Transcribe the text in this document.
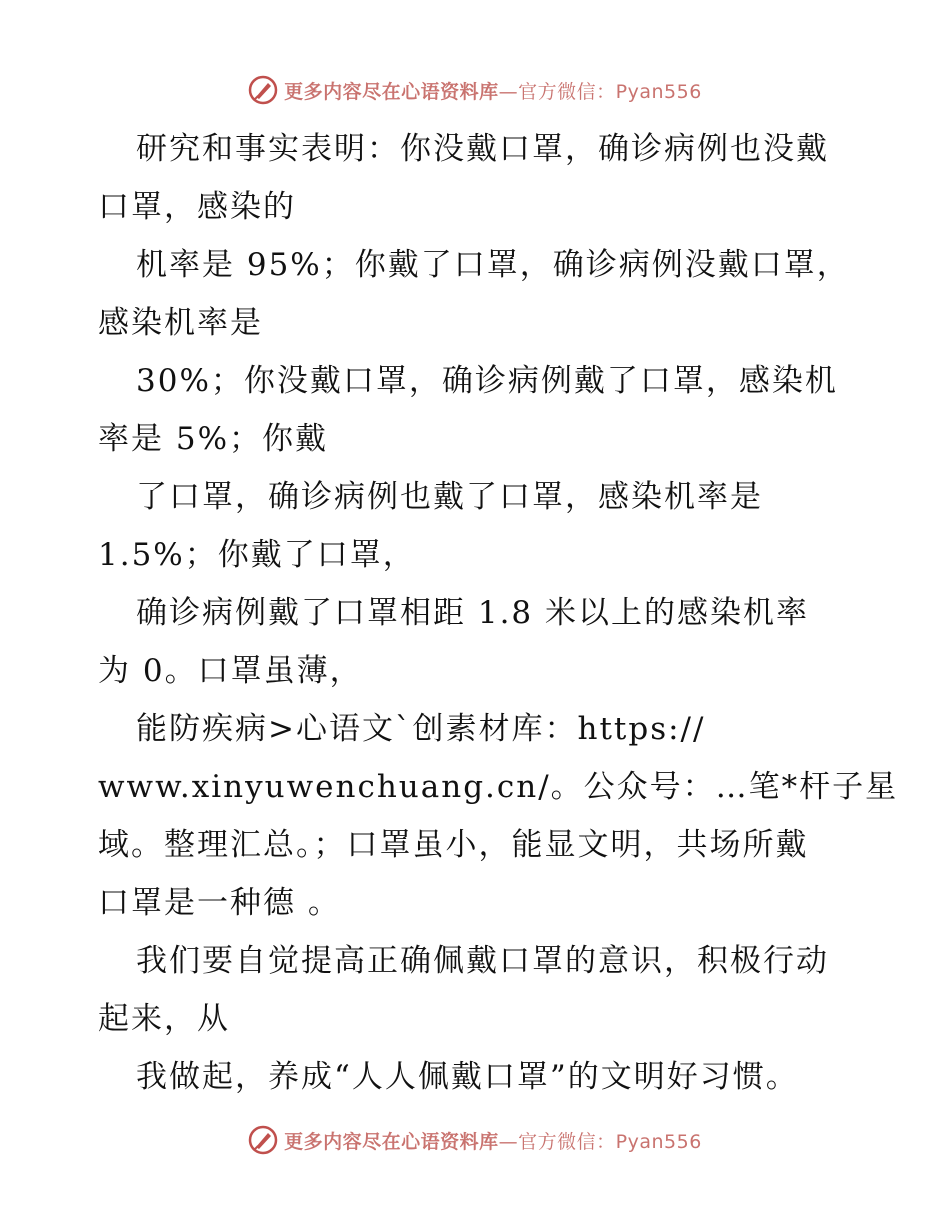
更多内容尽在心语资料库—官方微信：Pyan556
研究和事实表明：你没戴口罩，确诊病例也没戴
口罩，感染的
机率是 95%；你戴了口罩，确诊病例没戴口罩，
感染机率是
30%；你没戴口罩，确诊病例戴了口罩，感染机
率是 5%；你戴
了口罩，确诊病例也戴了口罩，感染机率是
1.5%；你戴了口罩，
确诊病例戴了口罩相距 1.8 米以上的感染机率
为 0。口罩虽薄，
能防疾病>心语文`创素材库：https://
www.xinyuwenchuang.cn/。公众号：…笔*杆子星
域。整理汇总。；口罩虽小，能显文明，共场所戴
口罩是一种德 。
我们要自觉提高正确佩戴口罩的意识，积极行动
起来，从
我做起，养成“人人佩戴口罩”的文明好习惯。
更多内容尽在心语资料库—官方微信：Pyan556
